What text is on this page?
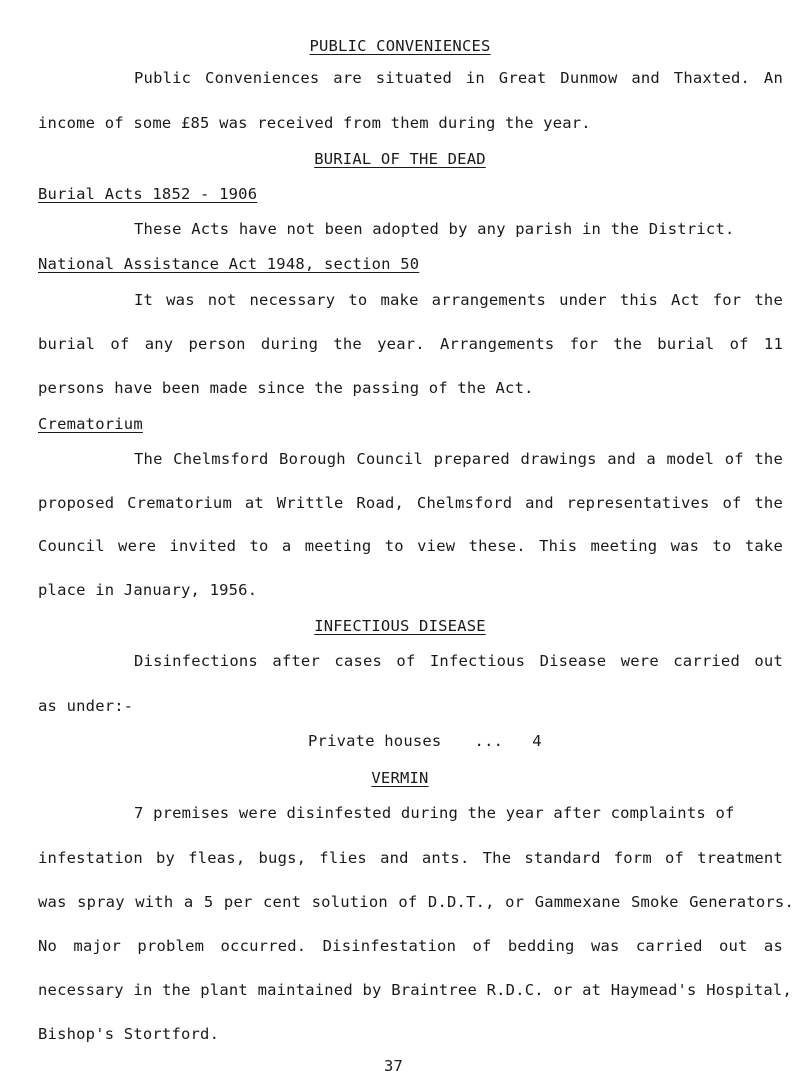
PUBLIC CONVENIENCES
Public Conveniences are situated in Great Dunmow and Thaxted. An
income of some £85 was received from them during the year.
BURIAL OF THE DEAD
Burial Acts 1852 - 1906
These Acts have not been adopted by any parish in the District.
National Assistance Act 1948, section 50
It was not necessary to make arrangements under this Act for the
burial of any person during the year. Arrangements for the burial of 11
persons have been made since the passing of the Act.
Crematorium
The Chelmsford Borough Council prepared drawings and a model of the
proposed Crematorium at Writtle Road, Chelmsford and representatives of the
Council were invited to a meeting to view these. This meeting was to take
place in January, 1956.
INFECTIOUS DISEASE
Disinfections after cases of Infectious Disease were carried out
as under:-
Private houses ... 4
VERMIN
7 premises were disinfested during the year after complaints of
infestation by fleas, bugs, flies and ants. The standard form of treatment
was spray with a 5 per cent solution of D.D.T., or Gammexane Smoke Generators.
No major problem occurred. Disinfestation of bedding was carried out as
necessary in the plant maintained by Braintree R.D.C. or at Haymead's Hospital,
Bishop's Stortford.
37
